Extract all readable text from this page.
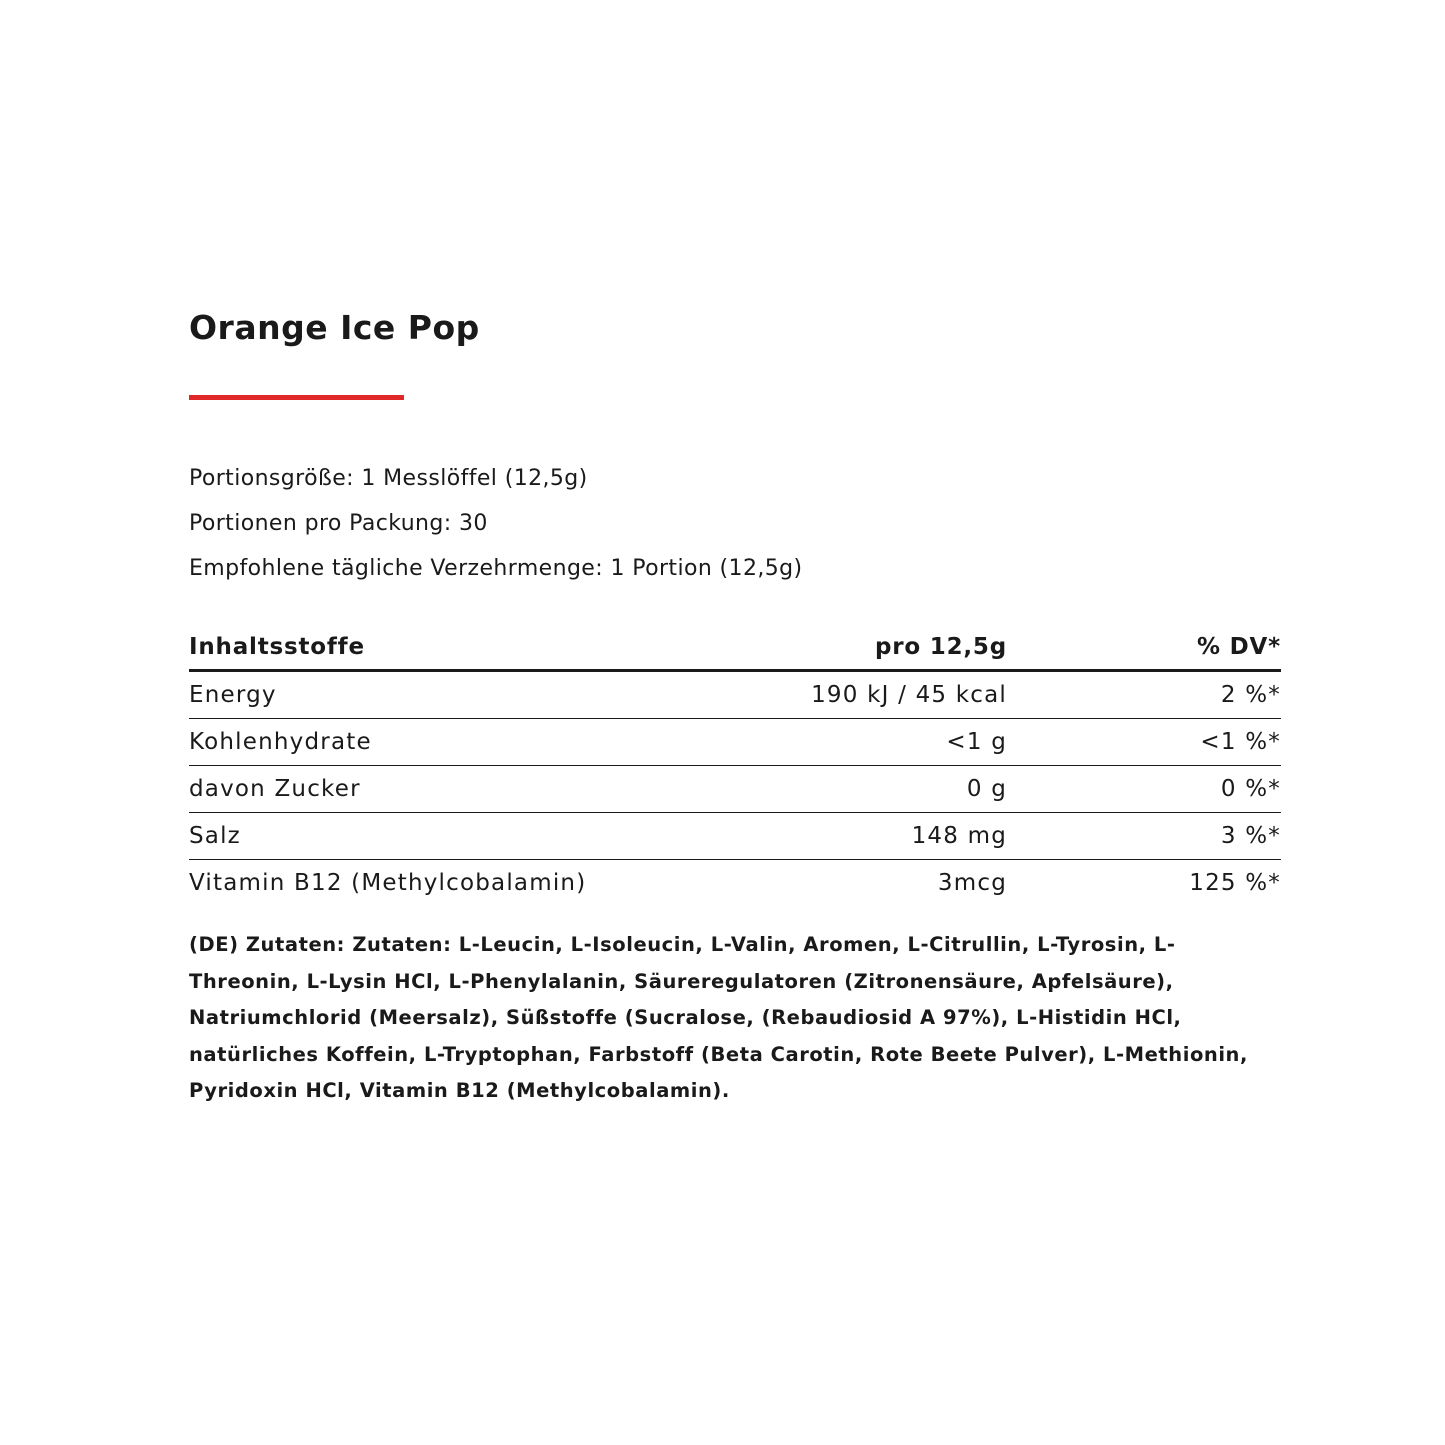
Orange Ice Pop
Portionsgröße: 1 Messlöffel (12,5g)
Portionen pro Packung: 30
Empfohlene tägliche Verzehrmenge: 1 Portion (12,5g)
Inhaltsstoffe	pro 12,5g	% DV*
Energy	190 kJ / 45 kcal	2 %*
Kohlenhydrate	<1 g	<1 %*
davon Zucker	0 g	0 %*
Salz	148 mg	3 %*
Vitamin B12 (Methylcobalamin)	3mcg	125 %*
(DE) Zutaten: Zutaten: L-Leucin, L-Isoleucin, L-Valin, Aromen, L-Citrullin, L-Tyrosin, L-Threonin, L-Lysin HCl, L-Phenylalanin, Säureregulatoren (Zitronensäure, Apfelsäure), Natriumchlorid (Meersalz), Süßstoffe (Sucralose, (Rebaudiosid A 97%), L-Histidin HCl, natürliches Koffein, L-Tryptophan, Farbstoff (Beta Carotin, Rote Beete Pulver), L-Methionin, Pyridoxin HCl, Vitamin B12 (Methylcobalamin).
